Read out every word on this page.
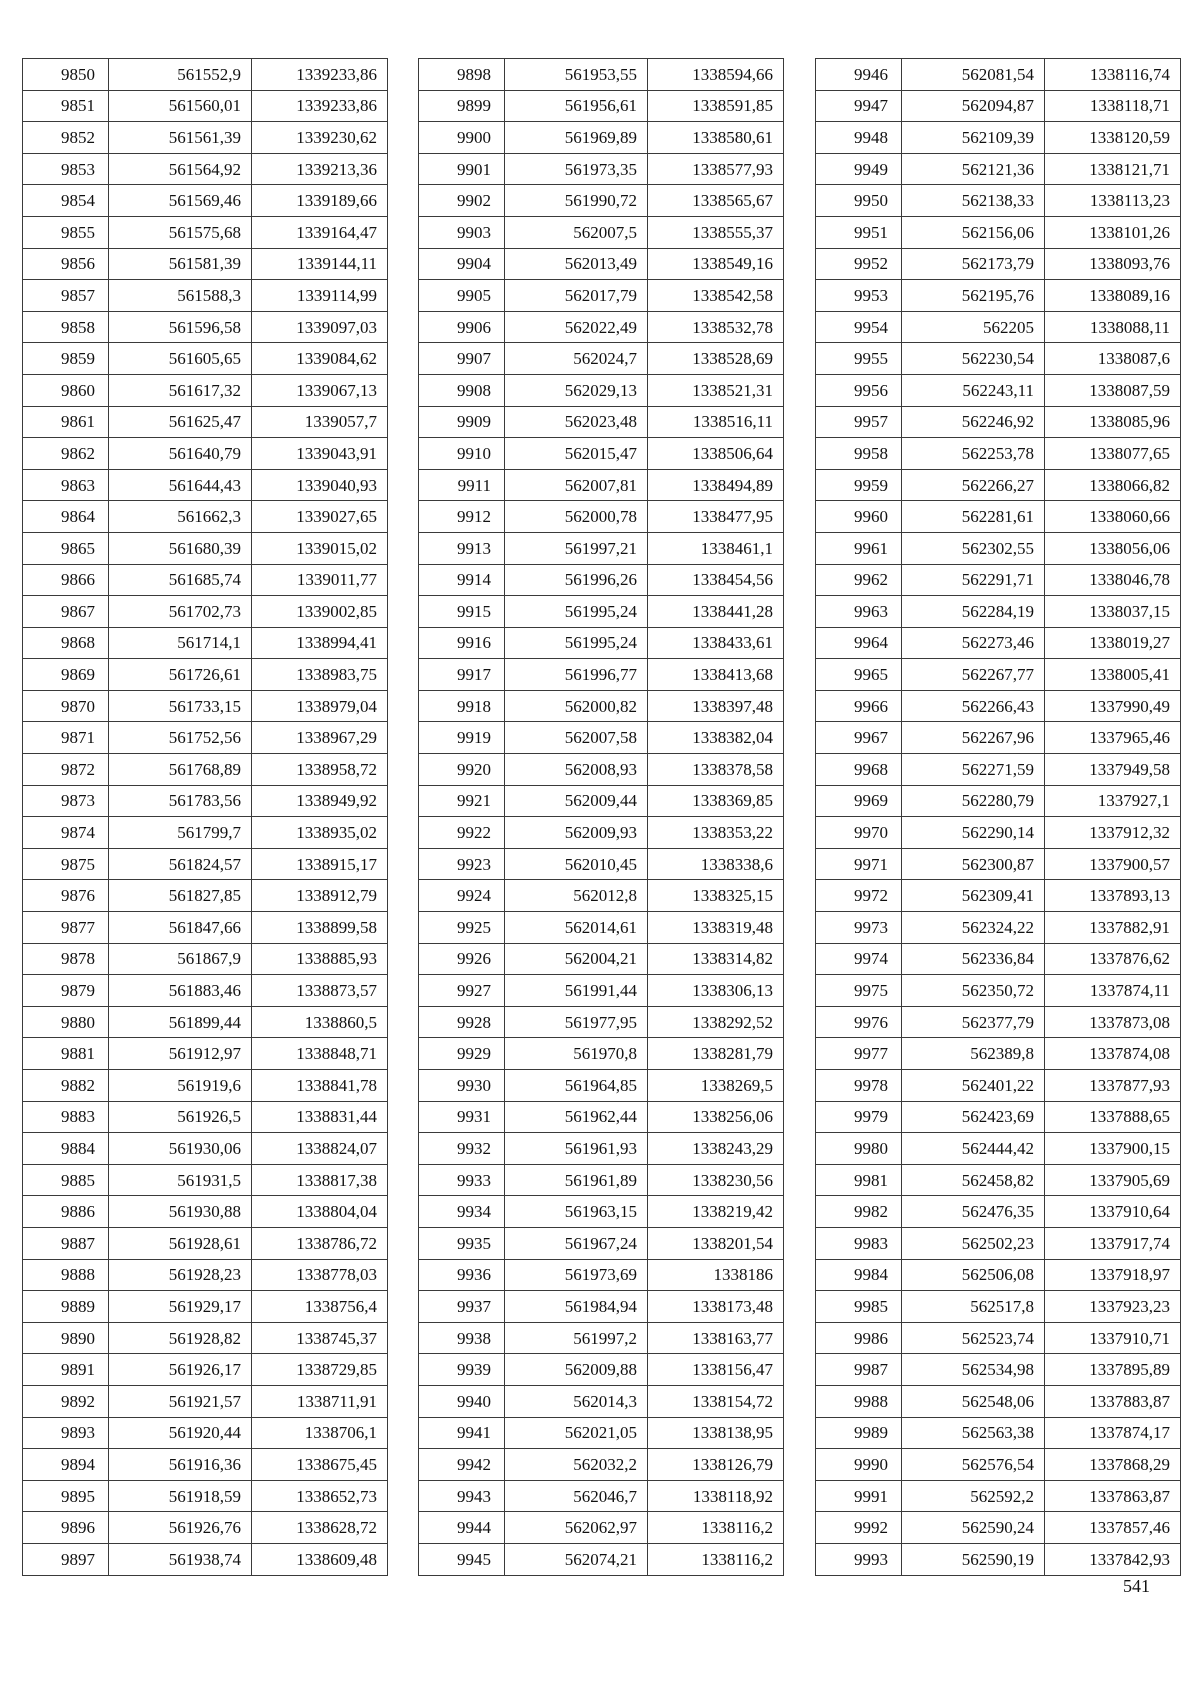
9850	561552,9	1339233,86
9851	561560,01	1339233,86
9852	561561,39	1339230,62
9853	561564,92	1339213,36
9854	561569,46	1339189,66
9855	561575,68	1339164,47
9856	561581,39	1339144,11
9857	561588,3	1339114,99
9858	561596,58	1339097,03
9859	561605,65	1339084,62
9860	561617,32	1339067,13
9861	561625,47	1339057,7
9862	561640,79	1339043,91
9863	561644,43	1339040,93
9864	561662,3	1339027,65
9865	561680,39	1339015,02
9866	561685,74	1339011,77
9867	561702,73	1339002,85
9868	561714,1	1338994,41
9869	561726,61	1338983,75
9870	561733,15	1338979,04
9871	561752,56	1338967,29
9872	561768,89	1338958,72
9873	561783,56	1338949,92
9874	561799,7	1338935,02
9875	561824,57	1338915,17
9876	561827,85	1338912,79
9877	561847,66	1338899,58
9878	561867,9	1338885,93
9879	561883,46	1338873,57
9880	561899,44	1338860,5
9881	561912,97	1338848,71
9882	561919,6	1338841,78
9883	561926,5	1338831,44
9884	561930,06	1338824,07
9885	561931,5	1338817,38
9886	561930,88	1338804,04
9887	561928,61	1338786,72
9888	561928,23	1338778,03
9889	561929,17	1338756,4
9890	561928,82	1338745,37
9891	561926,17	1338729,85
9892	561921,57	1338711,91
9893	561920,44	1338706,1
9894	561916,36	1338675,45
9895	561918,59	1338652,73
9896	561926,76	1338628,72
9897	561938,74	1338609,48
9898	561953,55	1338594,66
9899	561956,61	1338591,85
9900	561969,89	1338580,61
9901	561973,35	1338577,93
9902	561990,72	1338565,67
9903	562007,5	1338555,37
9904	562013,49	1338549,16
9905	562017,79	1338542,58
9906	562022,49	1338532,78
9907	562024,7	1338528,69
9908	562029,13	1338521,31
9909	562023,48	1338516,11
9910	562015,47	1338506,64
9911	562007,81	1338494,89
9912	562000,78	1338477,95
9913	561997,21	1338461,1
9914	561996,26	1338454,56
9915	561995,24	1338441,28
9916	561995,24	1338433,61
9917	561996,77	1338413,68
9918	562000,82	1338397,48
9919	562007,58	1338382,04
9920	562008,93	1338378,58
9921	562009,44	1338369,85
9922	562009,93	1338353,22
9923	562010,45	1338338,6
9924	562012,8	1338325,15
9925	562014,61	1338319,48
9926	562004,21	1338314,82
9927	561991,44	1338306,13
9928	561977,95	1338292,52
9929	561970,8	1338281,79
9930	561964,85	1338269,5
9931	561962,44	1338256,06
9932	561961,93	1338243,29
9933	561961,89	1338230,56
9934	561963,15	1338219,42
9935	561967,24	1338201,54
9936	561973,69	1338186
9937	561984,94	1338173,48
9938	561997,2	1338163,77
9939	562009,88	1338156,47
9940	562014,3	1338154,72
9941	562021,05	1338138,95
9942	562032,2	1338126,79
9943	562046,7	1338118,92
9944	562062,97	1338116,2
9945	562074,21	1338116,2
9946	562081,54	1338116,74
9947	562094,87	1338118,71
9948	562109,39	1338120,59
9949	562121,36	1338121,71
9950	562138,33	1338113,23
9951	562156,06	1338101,26
9952	562173,79	1338093,76
9953	562195,76	1338089,16
9954	562205	1338088,11
9955	562230,54	1338087,6
9956	562243,11	1338087,59
9957	562246,92	1338085,96
9958	562253,78	1338077,65
9959	562266,27	1338066,82
9960	562281,61	1338060,66
9961	562302,55	1338056,06
9962	562291,71	1338046,78
9963	562284,19	1338037,15
9964	562273,46	1338019,27
9965	562267,77	1338005,41
9966	562266,43	1337990,49
9967	562267,96	1337965,46
9968	562271,59	1337949,58
9969	562280,79	1337927,1
9970	562290,14	1337912,32
9971	562300,87	1337900,57
9972	562309,41	1337893,13
9973	562324,22	1337882,91
9974	562336,84	1337876,62
9975	562350,72	1337874,11
9976	562377,79	1337873,08
9977	562389,8	1337874,08
9978	562401,22	1337877,93
9979	562423,69	1337888,65
9980	562444,42	1337900,15
9981	562458,82	1337905,69
9982	562476,35	1337910,64
9983	562502,23	1337917,74
9984	562506,08	1337918,97
9985	562517,8	1337923,23
9986	562523,74	1337910,71
9987	562534,98	1337895,89
9988	562548,06	1337883,87
9989	562563,38	1337874,17
9990	562576,54	1337868,29
9991	562592,2	1337863,87
9992	562590,24	1337857,46
9993	562590,19	1337842,93
541
